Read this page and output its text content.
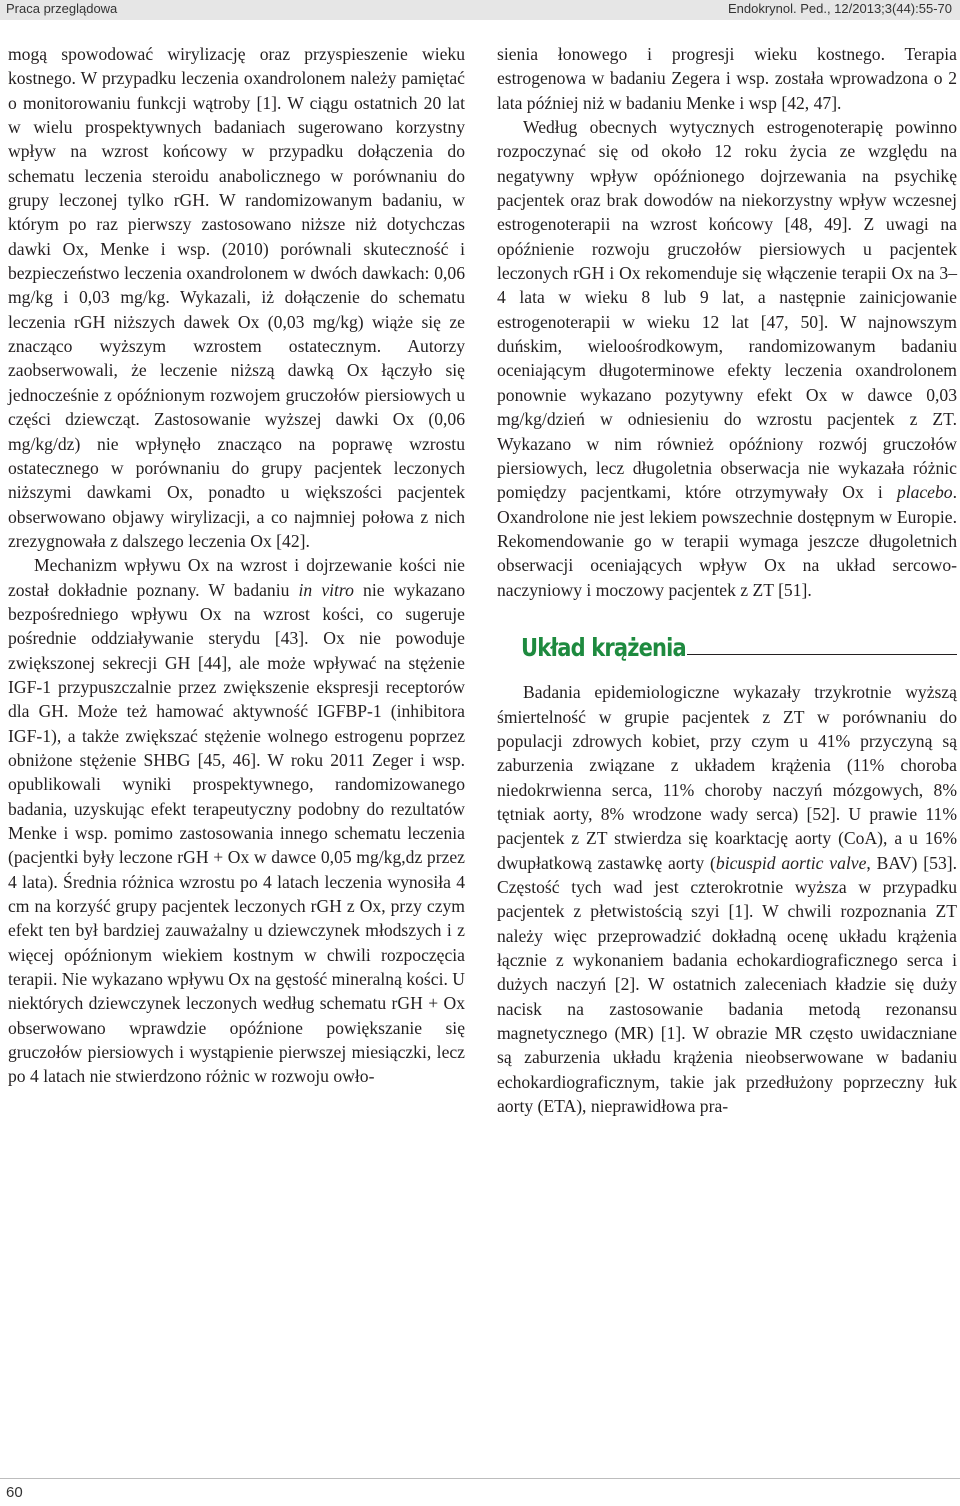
Praca przeglądowa	Endokrynol. Ped., 12/2013;3(44):55-70

mogą spowodować wirylizację oraz przyspieszenie wieku kostnego. W przypadku leczenia oxandrolonem należy pamiętać o monitorowaniu funkcji wątroby [1]. W ciągu ostatnich 20 lat w wielu prospektywnych badaniach sugerowano korzystny wpływ na wzrost końcowy w przypadku dołączenia do schematu leczenia steroidu anabolicznego w porównaniu do grupy leczonej tylko rGH. W randomizowanym badaniu, w którym po raz pierwszy zastosowano niższe niż dotychczas dawki Ox, Menke i wsp. (2010) porównali skuteczność i bezpieczeństwo leczenia oxandrolonem w dwóch dawkach: 0,06 mg/kg i 0,03 mg/kg. Wykazali, iż dołączenie do schematu leczenia rGH niższych dawek Ox (0,03 mg/kg) wiąże się ze znacząco wyższym wzrostem ostatecznym. Autorzy zaobserwowali, że leczenie niższą dawką Ox łączyło się jednocześnie z opóźnionym rozwojem gruczołów piersiowych u części dziewcząt. Zastosowanie wyższej dawki Ox (0,06 mg/kg/dz) nie wpłynęło znacząco na poprawę wzrostu ostatecznego w porównaniu do grupy pacjentek leczonych niższymi dawkami Ox, ponadto u większości pacjentek obserwowano objawy wirylizacji, a co najmniej połowa z nich zrezygnowała z dalszego leczenia Ox [42].

Mechanizm wpływu Ox na wzrost i dojrzewanie kości nie został dokładnie poznany. W badaniu in vitro nie wykazano bezpośredniego wpływu Ox na wzrost kości, co sugeruje pośrednie oddziaływanie sterydu [43]. Ox nie powoduje zwiększonej sekrecji GH [44], ale może wpływać na stężenie IGF-1 przypuszczalnie przez zwiększenie ekspresji receptorów dla GH. Może też hamować aktywność IGFBP-1 (inhibitora IGF-1), a także zwiększać stężenie wolnego estrogenu poprzez obniżone stężenie SHBG [45, 46]. W roku 2011 Zeger i wsp. opublikowali wyniki prospektywnego, randomizowanego badania, uzyskując efekt terapeutyczny podobny do rezultatów Menke i wsp. pomimo zastosowania innego schematu leczenia (pacjentki były leczone rGH + Ox w dawce 0,05 mg/kg,dz przez 4 lata). Średnia różnica wzrostu po 4 latach leczenia wynosiła 4 cm na korzyść grupy pacjentek leczonych rGH z Ox, przy czym efekt ten był bardziej zauważalny u dziewczynek młodszych i z więcej opóźnionym wiekiem kostnym w chwili rozpoczęcia terapii. Nie wykazano wpływu Ox na gęstość mineralną kości. U niektórych dziewczynek leczonych według schematu rGH + Ox obserwowano wprawdzie opóźnione powiększanie się gruczołów piersiowych i wystąpienie pierwszej miesiączki, lecz po 4 latach nie stwierdzono różnic w rozwoju owło-

sienia łonowego i progresji wieku kostnego. Terapia estrogenowa w badaniu Zegera i wsp. została wprowadzona o 2 lata później niż w badaniu Menke i wsp [42, 47].

Według obecnych wytycznych estrogenoterapię powinno rozpoczynać się od około 12 roku życia ze względu na negatywny wpływ opóźnionego dojrzewania na psychikę pacjentek oraz brak dowodów na niekorzystny wpływ wczesnej estrogenoterapii na wzrost końcowy [48, 49]. Z uwagi na opóźnienie rozwoju gruczołów piersiowych u pacjentek leczonych rGH i Ox rekomenduje się włączenie terapii Ox na 3–4 lata w wieku 8 lub 9 lat, a następnie zainicjowanie estrogenoterapii w wieku 12 lat [47, 50]. W najnowszym duńskim, wieloośrodkowym, randomizowanym badaniu oceniającym długoterminowe efekty leczenia oxandrolonem ponownie wykazano pozytywny efekt Ox w dawce 0,03 mg/kg/dzień w odniesieniu do wzrostu pacjentek z ZT. Wykazano w nim również opóźniony rozwój gruczołów piersiowych, lecz długoletnia obserwacja nie wykazała różnic pomiędzy pacjentkami, które otrzymywały Ox i placebo. Oxandrolone nie jest lekiem powszechnie dostępnym w Europie. Rekomendowanie go w terapii wymaga jeszcze długoletnich obserwacji oceniających wpływ Ox na układ sercowo-naczyniowy i moczowy pacjentek z ZT [51].

Układ krążenia

Badania epidemiologiczne wykazały trzykrotnie wyższą śmiertelność w grupie pacjentek z ZT w porównaniu do populacji zdrowych kobiet, przy czym u 41% przyczyną są zaburzenia związane z układem krążenia (11% choroba niedokrwienna serca, 11% choroby naczyń mózgowych, 8% tętniak aorty, 8% wrodzone wady serca) [52]. U prawie 11% pacjentek z ZT stwierdza się koarktację aorty (CoA), a u 16% dwupłatkową zastawkę aorty (bicuspid aortic valve, BAV) [53]. Częstość tych wad jest czterokrotnie wyższa w przypadku pacjentek z płetwistością szyi [1]. W chwili rozpoznania ZT należy więc przeprowadzić dokładną ocenę układu krążenia łącznie z wykonaniem badania echokardiograficznego serca i dużych naczyń [2]. W ostatnich zaleceniach kładzie się duży nacisk na zastosowanie badania metodą rezonansu magnetycznego (MR) [1]. W obrazie MR często uwidaczniane są zaburzenia układu krążenia nieobserwowane w badaniu echokardiograficznym, takie jak przedłużony poprzeczny łuk aorty (ETA), nieprawidłowa pra-

60
